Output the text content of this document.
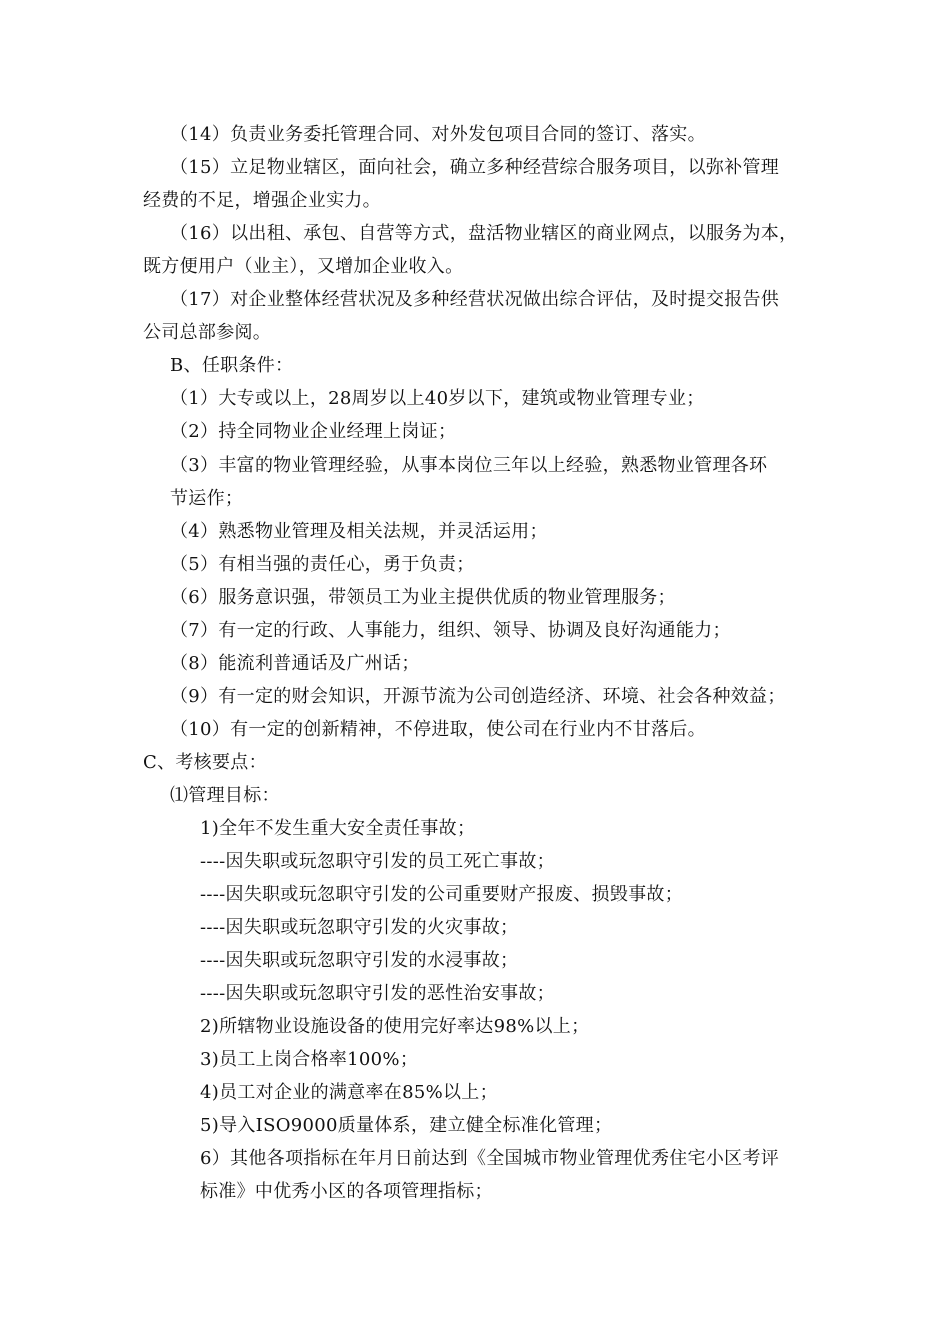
（14）负责业务委托管理合同、对外发包项目合同的签订、落实。
（15）立足物业辖区，面向社会，确立多种经营综合服务项目，以弥补管理
经费的不足，增强企业实力。
（16）以出租、承包、自营等方式，盘活物业辖区的商业网点，以服务为本，
既方便用户（业主），又增加企业收入。
（17）对企业整体经营状况及多种经营状况做出综合评估，及时提交报告供
公司总部参阅。
B、任职条件：
（1）大专或以上，28周岁以上40岁以下，建筑或物业管理专业；
（2）持全同物业企业经理上岗证；
（3）丰富的物业管理经验，从事本岗位三年以上经验，熟悉物业管理各环
节运作；
（4）熟悉物业管理及相关法规，并灵活运用；
（5）有相当强的责任心，勇于负责；
（6）服务意识强，带领员工为业主提供优质的物业管理服务；
（7）有一定的行政、人事能力，组织、领导、协调及良好沟通能力；
（8）能流利普通话及广州话；
（9）有一定的财会知识，开源节流为公司创造经济、环境、社会各种效益；
（10）有一定的创新精神，不停进取，使公司在行业内不甘落后。
C、考核要点：
⑴管理目标：
1)全年不发生重大安全责任事故；
----因失职或玩忽职守引发的员工死亡事故；
----因失职或玩忽职守引发的公司重要财产报废、损毁事故；
----因失职或玩忽职守引发的火灾事故；
----因失职或玩忽职守引发的水浸事故；
----因失职或玩忽职守引发的恶性治安事故；
2)所辖物业设施设备的使用完好率达98%以上；
3)员工上岗合格率100%；
4)员工对企业的满意率在85%以上；
5)导入ISO9000质量体系，建立健全标准化管理；
6）其他各项指标在年月日前达到《全国城市物业管理优秀住宅小区考评
标准》中优秀小区的各项管理指标；
